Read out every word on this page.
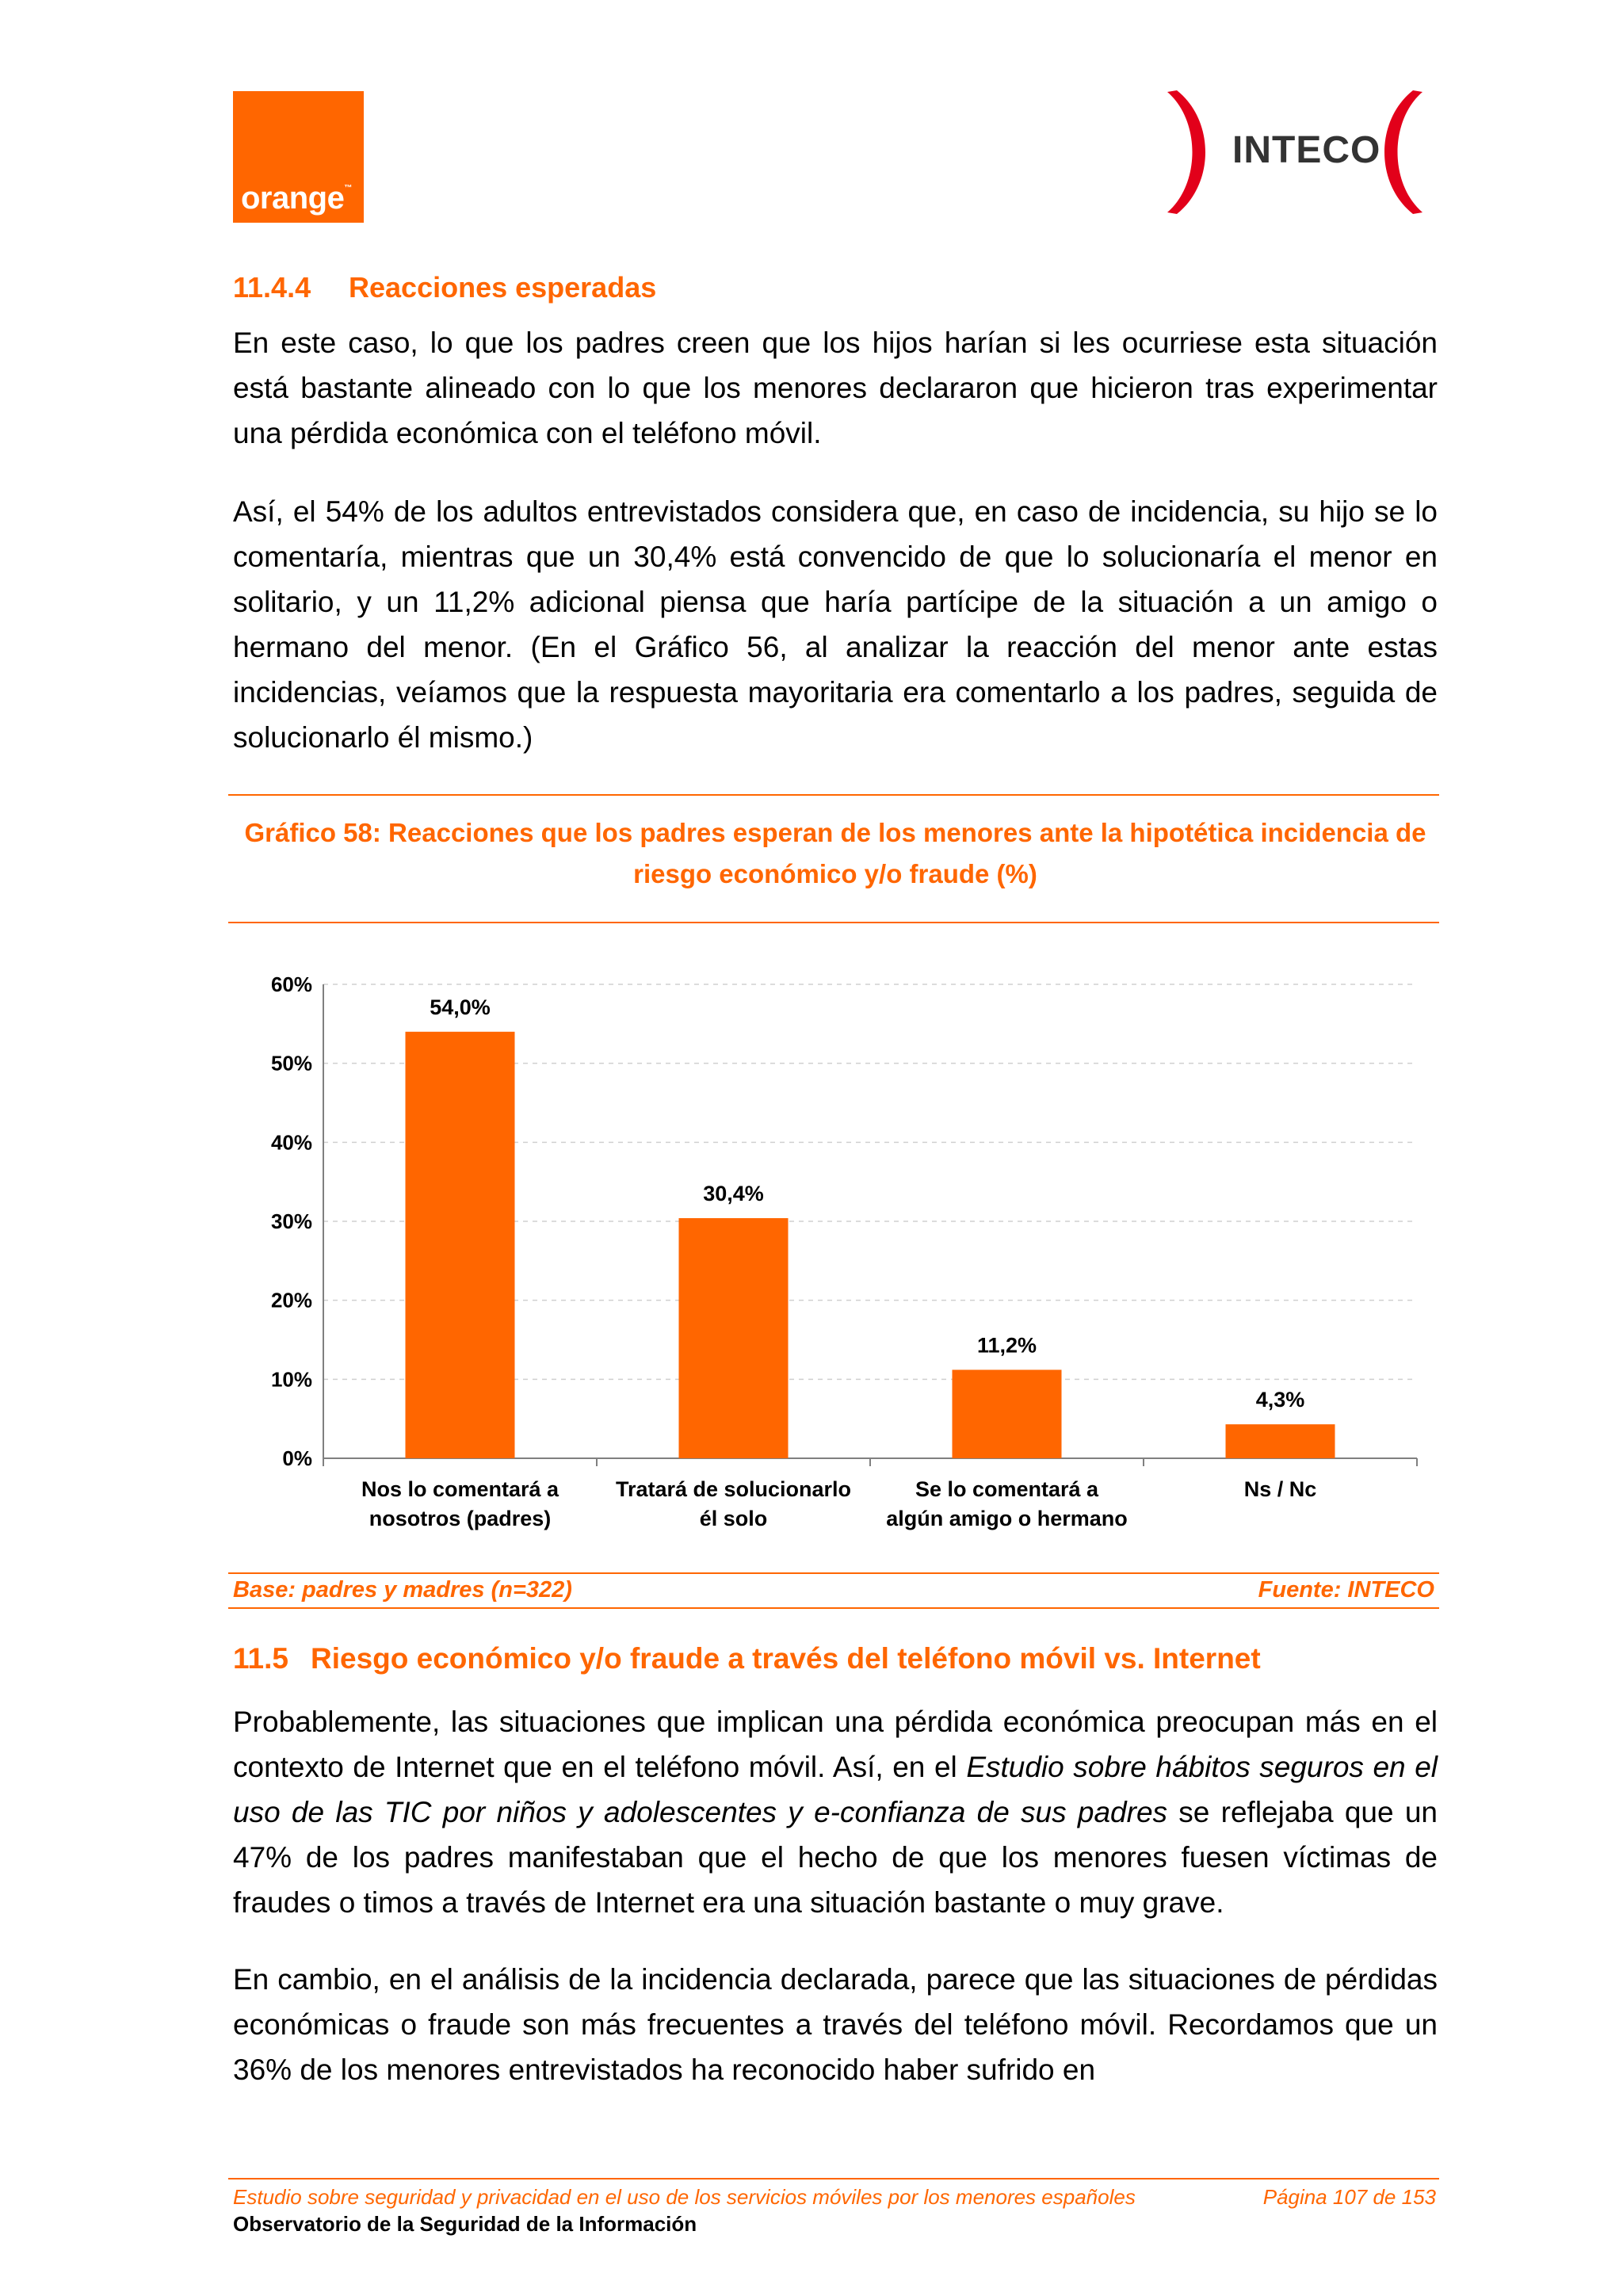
orange™
INTECO
11.4.4 Reacciones esperadas
En este caso, lo que los padres creen que los hijos harían si les ocurriese esta situación está bastante alineado con lo que los menores declararon que hicieron tras experimentar una pérdida económica con el teléfono móvil.
Así, el 54% de los adultos entrevistados considera que, en caso de incidencia, su hijo se lo comentaría, mientras que un 30,4% está convencido de que lo solucionaría el menor en solitario, y un 11,2% adicional piensa que haría partícipe de la situación a un amigo o hermano del menor. (En el Gráfico 56, al analizar la reacción del menor ante estas incidencias, veíamos que la respuesta mayoritaria era comentarlo a los padres, seguida de solucionarlo él mismo.)
Gráfico 58: Reacciones que los padres esperan de los menores ante la hipotética incidencia de riesgo económico y/o fraude (%)
0%
10%
20%
30%
40%
50%
60%
54,0%
Nos lo comentará a
nosotros (padres)
30,4%
Tratará de solucionarlo
él solo
11,2%
Se lo comentará a
algún amigo o hermano
4,3%
Ns / Nc
Base: padres y madres (n=322)	Fuente: INTECO
11.5 Riesgo económico y/o fraude a través del teléfono móvil vs. Internet
Probablemente, las situaciones que implican una pérdida económica preocupan más en el contexto de Internet que en el teléfono móvil. Así, en el Estudio sobre hábitos seguros en el uso de las TIC por niños y adolescentes y e-confianza de sus padres se reflejaba que un 47% de los padres manifestaban que el hecho de que los menores fuesen víctimas de fraudes o timos a través de Internet era una situación bastante o muy grave.
En cambio, en el análisis de la incidencia declarada, parece que las situaciones de pérdidas económicas o fraude son más frecuentes a través del teléfono móvil. Recordamos que un 36% de los menores entrevistados ha reconocido haber sufrido en
Estudio sobre seguridad y privacidad en el uso de los servicios móviles por los menores españoles	Página 107 de 153
Observatorio de la Seguridad de la Información
